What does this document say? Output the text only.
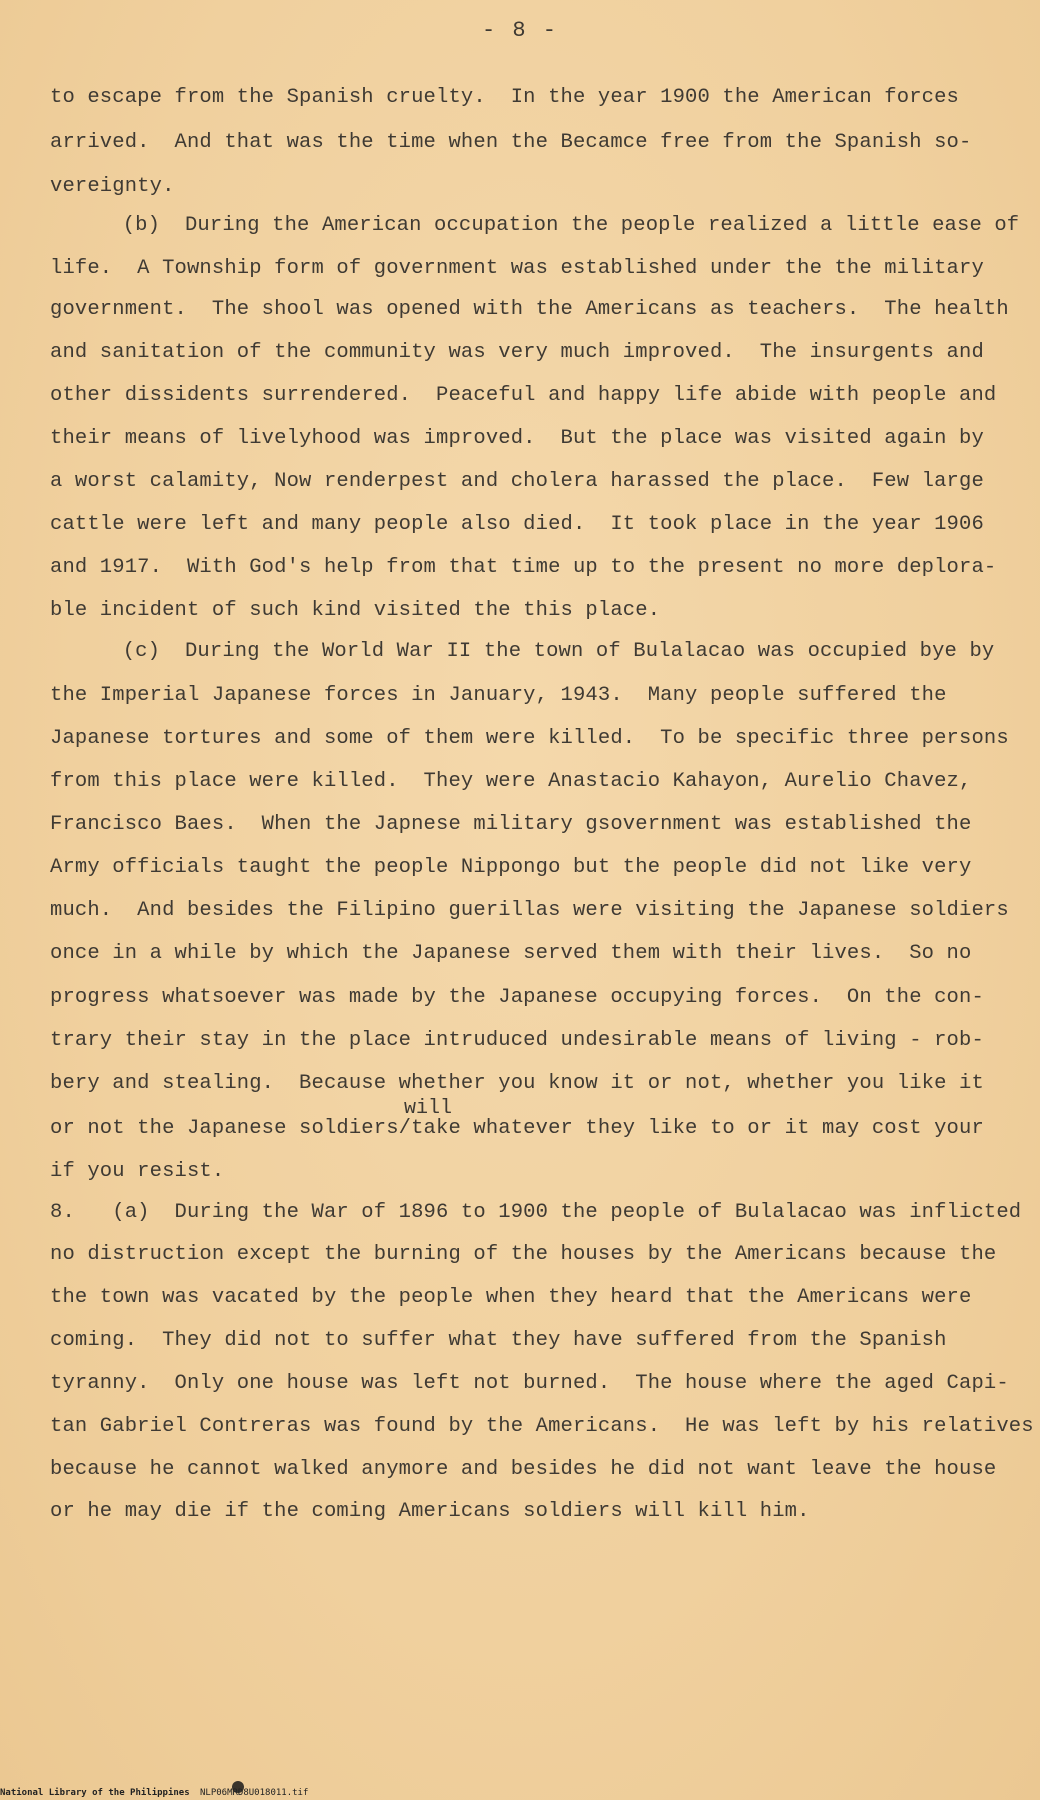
- 8 -
to escape from the Spanish cruelty.  In the year 1900 the American forces
arrived.  And that was the time when the Becamce free from the Spanish so-
vereignty.
(b)  During the American occupation the people realized a little ease of
life.  A Township form of government was established under the the military
government.  The shool was opened with the Americans as teachers.  The health
and sanitation of the community was very much improved.  The insurgents and
other dissidents surrendered.  Peaceful and happy life abide with people and
their means of livelyhood was improved.  But the place was visited again by
a worst calamity, Now renderpest and cholera harassed the place.  Few large
cattle were left and many people also died.  It took place in the year 1906
and 1917.  With God's help from that time up to the present no more deplora-
ble incident of such kind visited the this place.
(c)  During the World War II the town of Bulalacao was occupied bye by
the Imperial Japanese forces in January, 1943.  Many people suffered the
Japanese tortures and some of them were killed.  To be specific three persons
from this place were killed.  They were Anastacio Kahayon, Aurelio Chavez,
Francisco Baes.  When the Japnese military gsovernment was established the
Army officials taught the people Nippongo but the people did not like very
much.  And besides the Filipino guerillas were visiting the Japanese soldiers
once in a while by which the Japanese served them with their lives.  So no
progress whatsoever was made by the Japanese occupying forces.  On the con-
trary their stay in the place intruduced undesirable means of living - rob-
bery and stealing.  Because whether you know it or not, whether you like it
will
or not the Japanese soldiers/take whatever they like to or it may cost your
if you resist.
8.   (a)  During the War of 1896 to 1900 the people of Bulalacao was inflicted
no distruction except the burning of the houses by the Americans because the
the town was vacated by the people when they heard that the Americans were
coming.  They did not to suffer what they have suffered from the Spanish
tyranny.  Only one house was left not burned.  The house where the aged Capi-
tan Gabriel Contreras was found by the Americans.  He was left by his relatives
because he cannot walked anymore and besides he did not want leave the house
or he may die if the coming Americans soldiers will kill him.
National Library of the Philippines NLP06MRD8U018011.tif
